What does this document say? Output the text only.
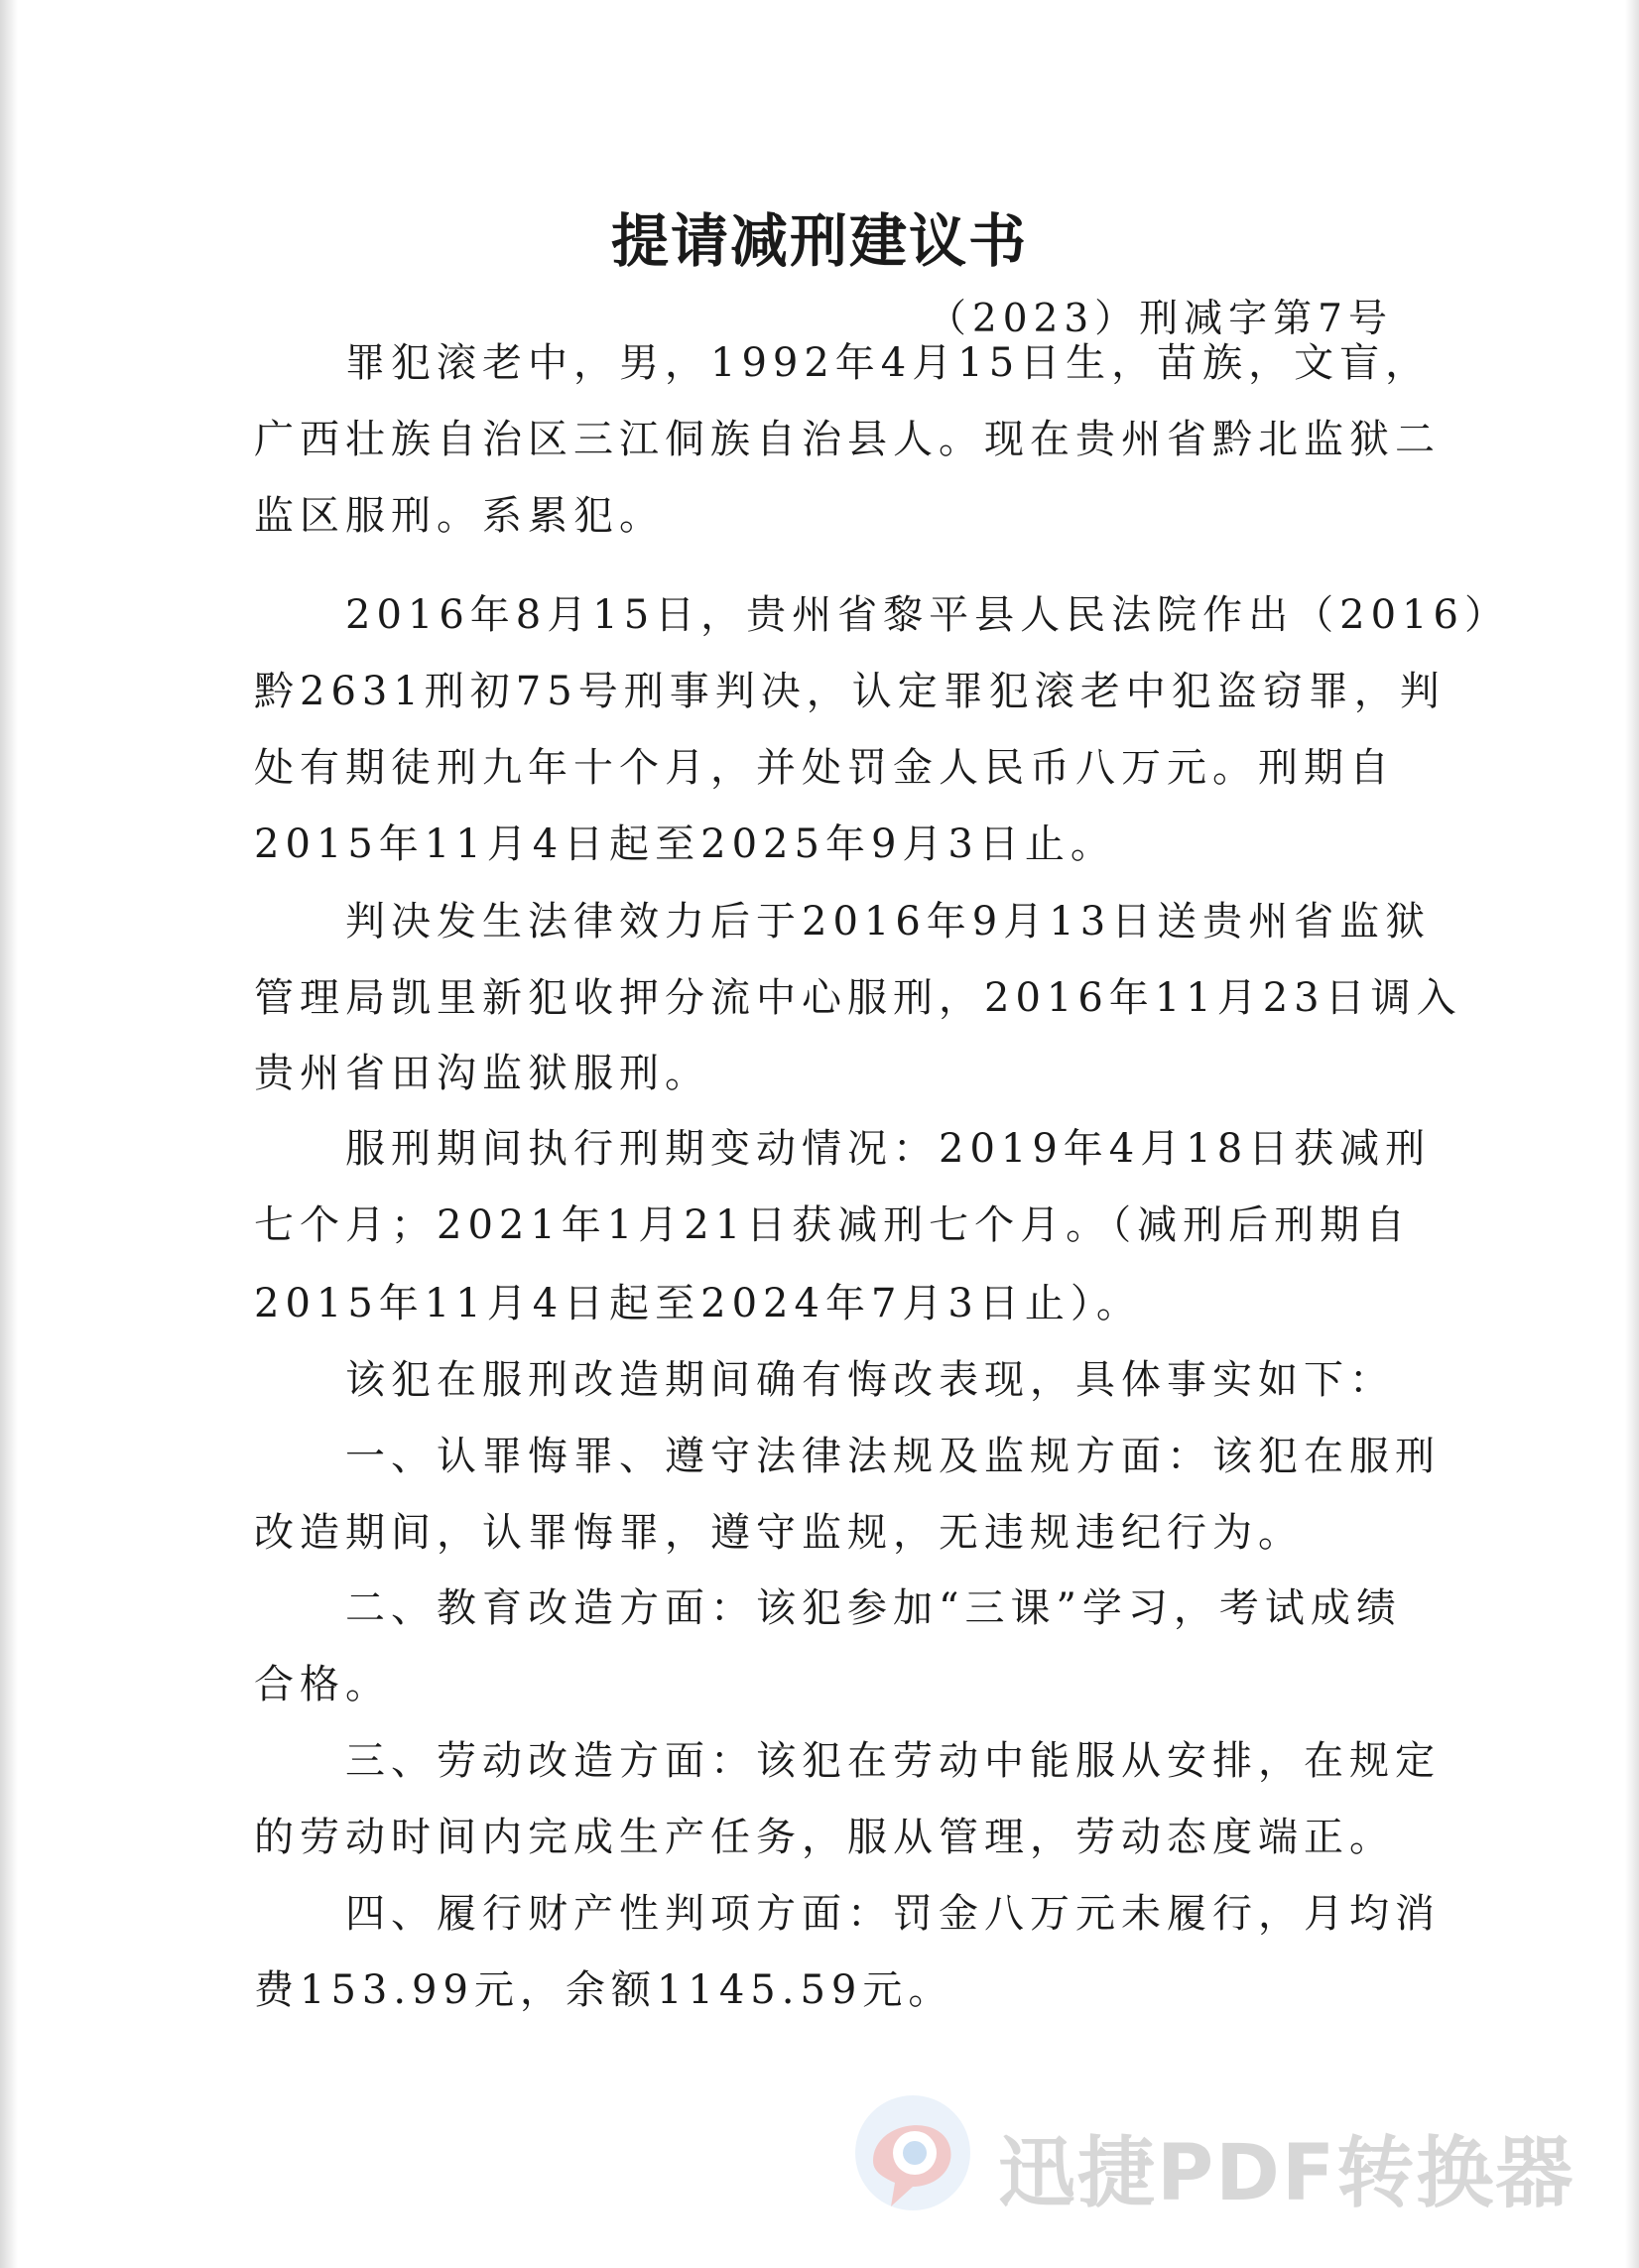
提请减刑建议书
（2023）刑减字第7号
　　罪犯滚老中，男，1992年4月15日生，苗族，文盲，
广西壮族自治区三江侗族自治县人。现在贵州省黔北监狱二
监区服刑。系累犯。
　　2016年8月15日，贵州省黎平县人民法院作出（2016）
黔2631刑初75号刑事判决，认定罪犯滚老中犯盗窃罪，判
处有期徒刑九年十个月，并处罚金人民币八万元。刑期自
2015年11月4日起至2025年9月3日止。
　　判决发生法律效力后于2016年9月13日送贵州省监狱
管理局凯里新犯收押分流中心服刑，2016年11月23日调入
贵州省田沟监狱服刑。
　　服刑期间执行刑期变动情况：2019年4月18日获减刑
七个月；2021年1月21日获减刑七个月。（减刑后刑期自
2015年11月4日起至2024年7月3日止）。
　　该犯在服刑改造期间确有悔改表现，具体事实如下：
　　一、认罪悔罪、遵守法律法规及监规方面：该犯在服刑
改造期间，认罪悔罪，遵守监规，无违规违纪行为。
　　二、教育改造方面：该犯参加“三课”学习，考试成绩
合格。
　　三、劳动改造方面：该犯在劳动中能服从安排，在规定
的劳动时间内完成生产任务，服从管理，劳动态度端正。
　　四、履行财产性判项方面：罚金八万元未履行，月均消
费153.99元，余额1145.59元。
迅捷PDF转换器
